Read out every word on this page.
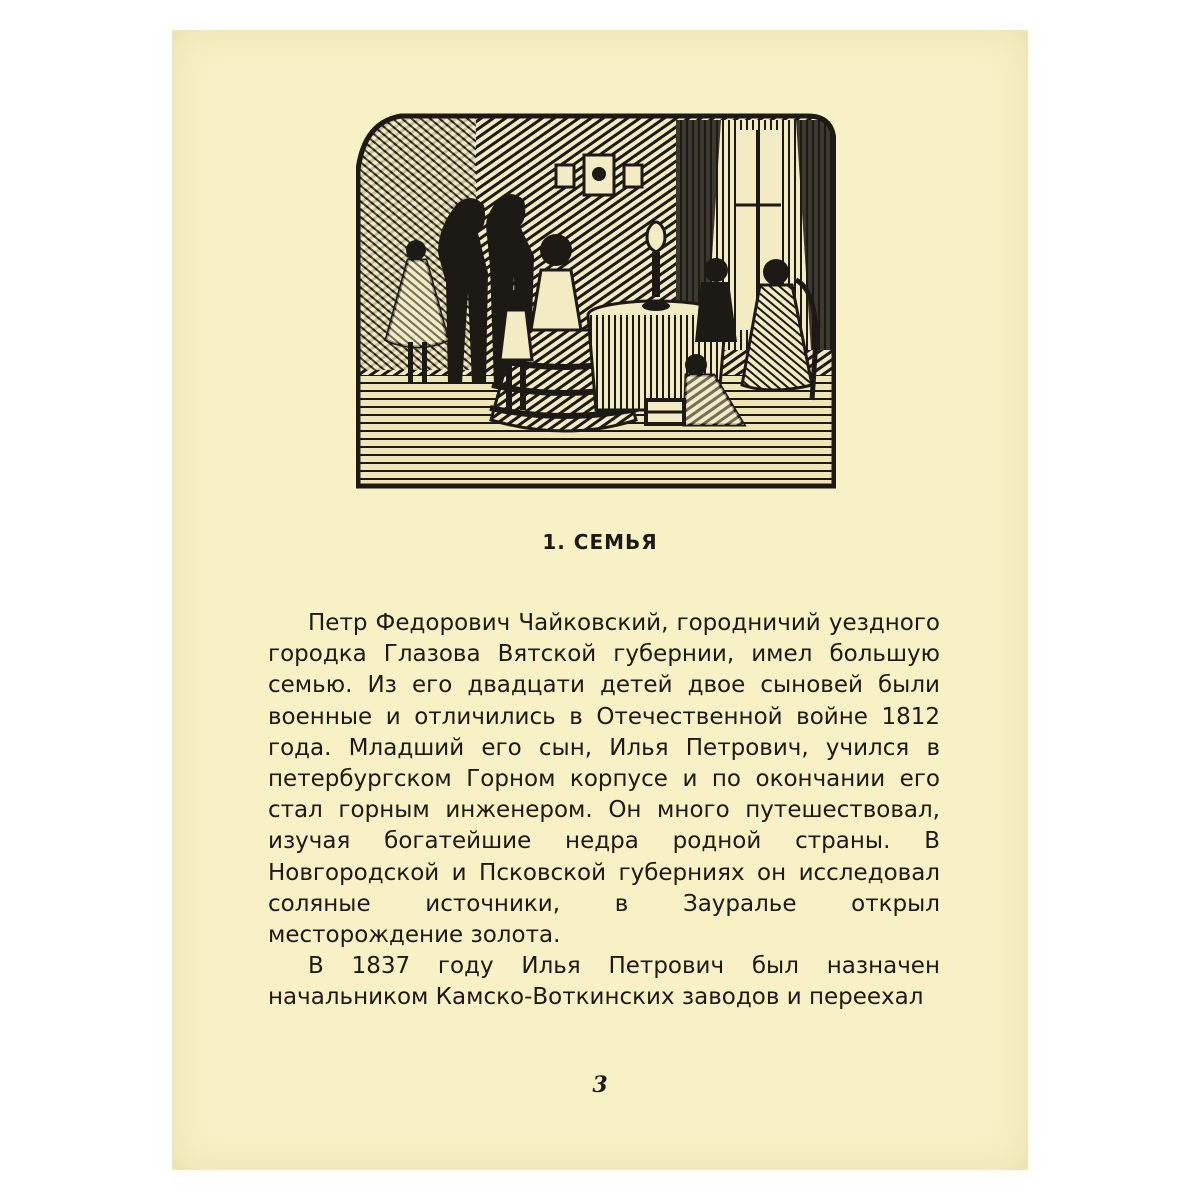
1. СЕМЬЯ

Петр Федорович Чайковский, городничий уездного городка Глазова Вятской губернии, имел большую семью. Из его двадцати детей двое сыновей были военные и отличились в Отечественной войне 1812 года. Младший его сын, Илья Петрович, учился в петербургском Горном корпусе и по окончании его стал горным инженером. Он много путешествовал, изучая богатейшие недра родной страны. В Новгородской и Псковской губерниях он исследовал соляные источники, в Зауралье открыл месторождение золота.

В 1837 году Илья Петрович был назначен начальником Камско-Воткинских заводов и переехал

3
